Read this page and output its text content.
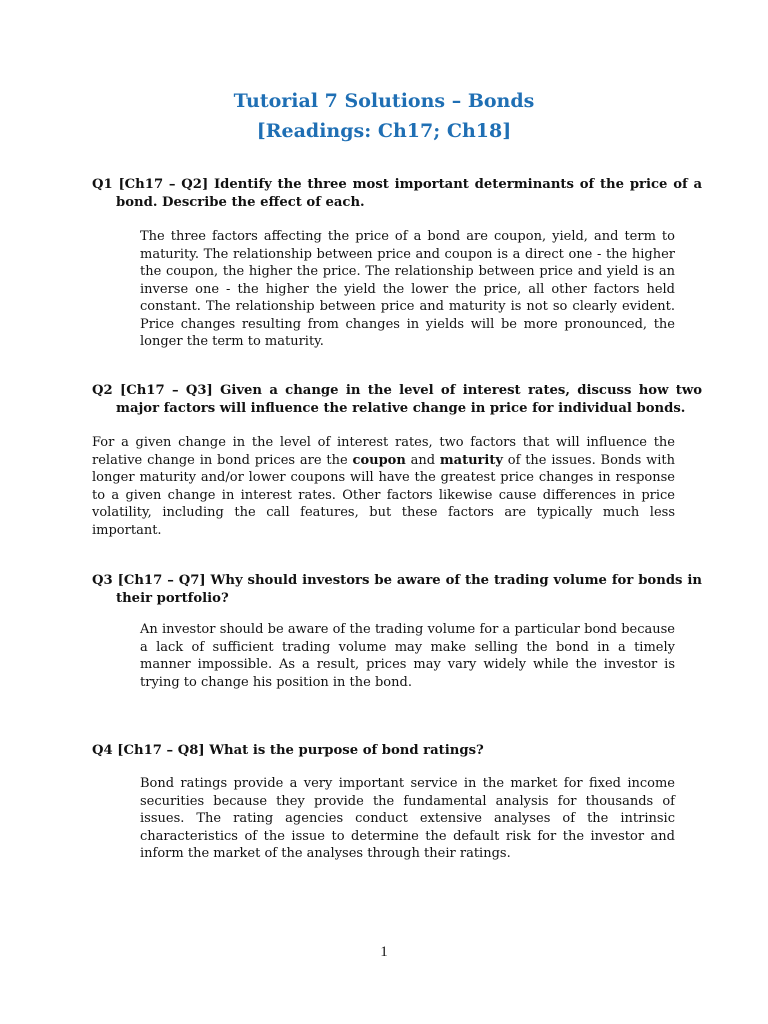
Tutorial 7 Solutions – Bonds
[Readings: Ch17; Ch18]
Q1 [Ch17 – Q2] Identify the three most important determinants of the price of a bond. Describe the effect of each.
The three factors affecting the price of a bond are coupon, yield, and term to maturity. The relationship between price and coupon is a direct one - the higher the coupon, the higher the price. The relationship between price and yield is an inverse one - the higher the yield the lower the price, all other factors held constant. The relationship between price and maturity is not so clearly evident. Price changes resulting from changes in yields will be more pronounced, the longer the term to maturity.
Q2 [Ch17 – Q3] Given a change in the level of interest rates, discuss how two major factors will influence the relative change in price for individual bonds.
For a given change in the level of interest rates, two factors that will influence the relative change in bond prices are the coupon and maturity of the issues. Bonds with longer maturity and/or lower coupons will have the greatest price changes in response to a given change in interest rates. Other factors likewise cause differences in price volatility, including the call features, but these factors are typically much less important.
Q3 [Ch17 – Q7] Why should investors be aware of the trading volume for bonds in their portfolio?
An investor should be aware of the trading volume for a particular bond because a lack of sufficient trading volume may make selling the bond in a timely manner impossible. As a result, prices may vary widely while the investor is trying to change his position in the bond.
Q4 [Ch17 – Q8] What is the purpose of bond ratings?
Bond ratings provide a very important service in the market for fixed income securities because they provide the fundamental analysis for thousands of issues. The rating agencies conduct extensive analyses of the intrinsic characteristics of the issue to determine the default risk for the investor and inform the market of the analyses through their ratings.
1
